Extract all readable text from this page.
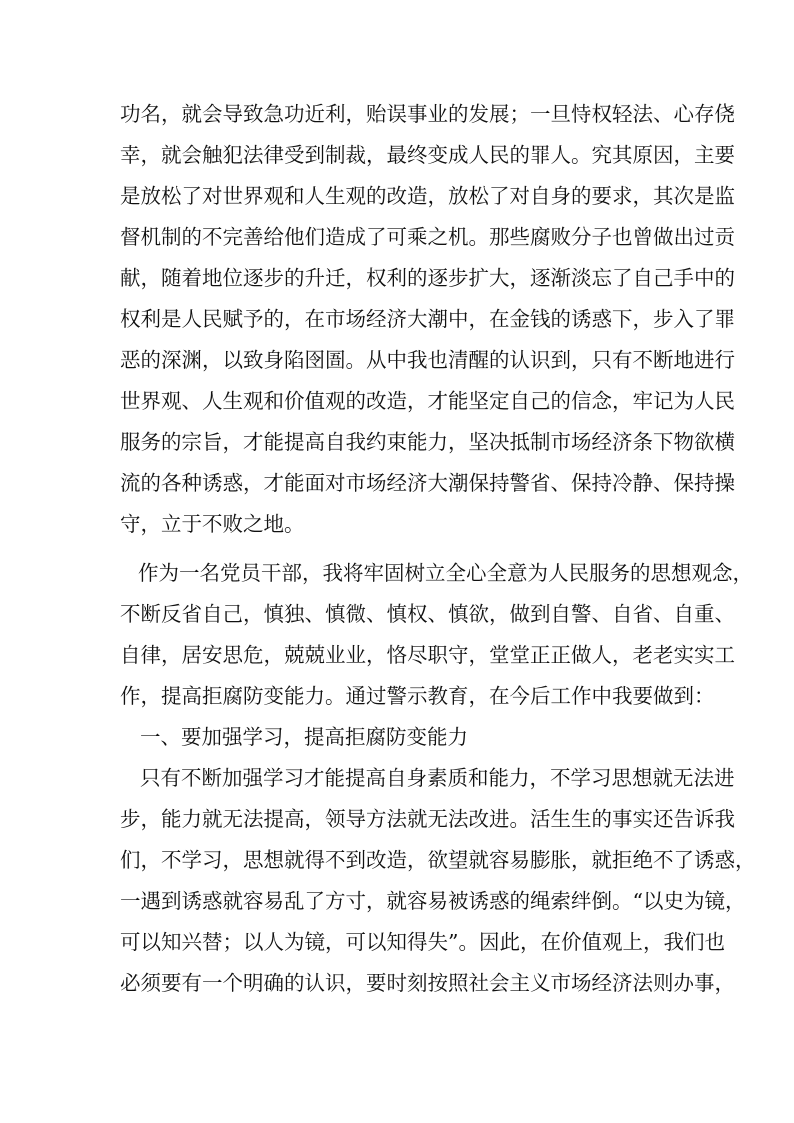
功名，就会导致急功近利，贻误事业的发展；一旦恃权轻法、心存侥
幸，就会触犯法律受到制裁，最终变成人民的罪人。究其原因，主要
是放松了对世界观和人生观的改造，放松了对自身的要求，其次是监
督机制的不完善给他们造成了可乘之机。那些腐败分子也曾做出过贡
献，随着地位逐步的升迁，权利的逐步扩大，逐渐淡忘了自己手中的
权利是人民赋予的，在市场经济大潮中，在金钱的诱惑下，步入了罪
恶的深渊，以致身陷囹圄。从中我也清醒的认识到，只有不断地进行
世界观、人生观和价值观的改造，才能坚定自己的信念，牢记为人民
服务的宗旨，才能提高自我约束能力，坚决抵制市场经济条下物欲横
流的各种诱惑，才能面对市场经济大潮保持警省、保持冷静、保持操
守，立于不败之地。
作为一名党员干部，我将牢固树立全心全意为人民服务的思想观念，
不断反省自己，慎独、慎微、慎权、慎欲，做到自警、自省、自重、
自律，居安思危，兢兢业业，恪尽职守，堂堂正正做人，老老实实工
作，提高拒腐防变能力。通过警示教育，在今后工作中我要做到：
一、要加强学习，提高拒腐防变能力
只有不断加强学习才能提高自身素质和能力，不学习思想就无法进
步，能力就无法提高，领导方法就无法改进。活生生的事实还告诉我
们，不学习，思想就得不到改造，欲望就容易膨胀，就拒绝不了诱惑，
一遇到诱惑就容易乱了方寸，就容易被诱惑的绳索绊倒。“以史为镜，
可以知兴替；以人为镜，可以知得失”。因此，在价值观上，我们也
必须要有一个明确的认识，要时刻按照社会主义市场经济法则办事，
